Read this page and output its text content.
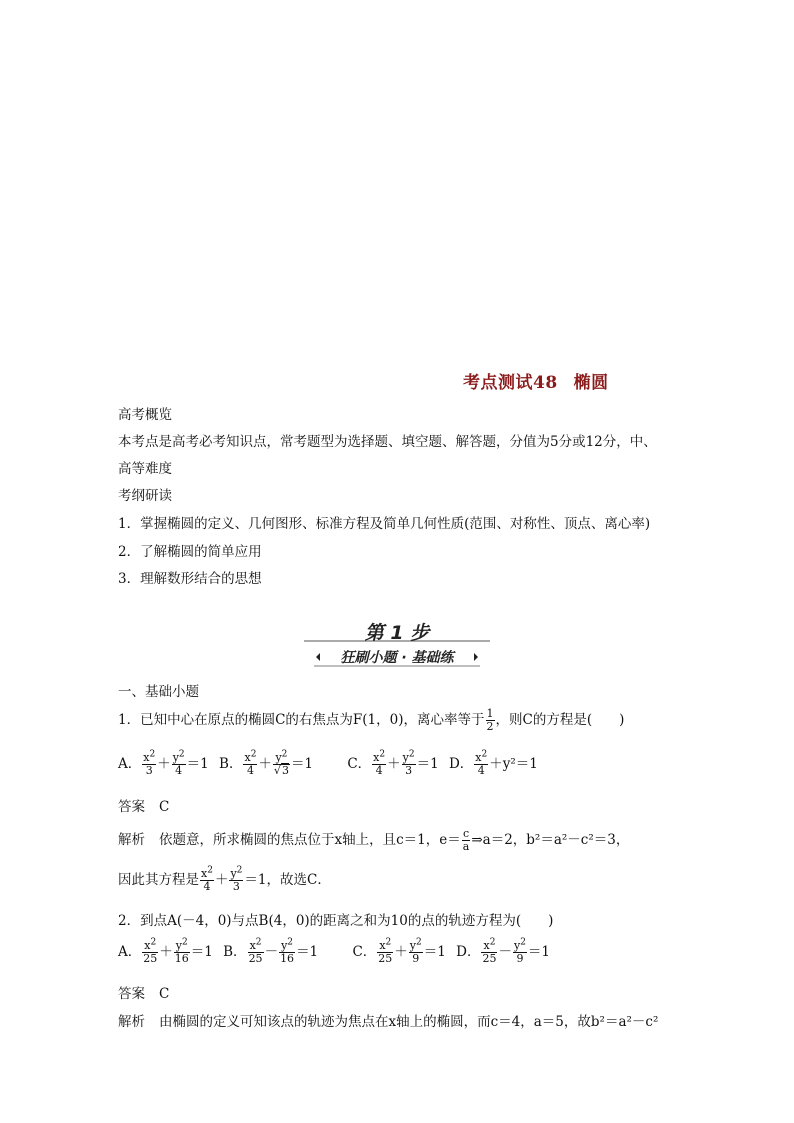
考点测试48 椭圆
高考概览
本考点是高考必考知识点，常考题型为选择题、填空题、解答题，分值为5分或12分，中、
高等难度
考纲研读
1．掌握椭圆的定义、几何图形、标准方程及简单几何性质(范围、对称性、顶点、离心率)
2．了解椭圆的简单应用
3．理解数形结合的思想
第 1 步
狂刷小题 · 基础练
一、基础小题
1．已知中心在原点的椭圆C的右焦点为F(1，0)，离心率等于 $\frac{1}{2}$ ，则C的方程是(　　)
A． $\frac{x^2}{3} + \frac{y^2}{4} =1$ B． $\frac{x^2}{4} + \frac{y^2}{√3} =1$	C． $\frac{x^2}{4} + \frac{y^2}{3} =1$ D． $\frac{x^2}{4} +y^2=1$
答案 C
解析 依题意，所求椭圆的焦点位于x轴上，且c＝1，$e= \frac{c}{a}$ ⇒a＝2，b²＝a²－c²＝3，
因此其方程是 $\frac{x^2}{4} + \frac{y^2}{3} =1$，故选C．
2．到点A(－4，0)与点B(4，0)的距离之和为10的点的轨迹方程为(　　)
A． $\frac{x^2}{25} + \frac{y^2}{16} =1$ B． $\frac{x^2}{25} - \frac{y^2}{16} =1$	C． $\frac{x^2}{25} + \frac{y^2}{9} =1$ D． $\frac{x^2}{25} - \frac{y^2}{9} =1$
答案 C
解析 由椭圆的定义可知该点的轨迹为焦点在x轴上的椭圆，而c＝4，a＝5，故b²＝a²－c²
